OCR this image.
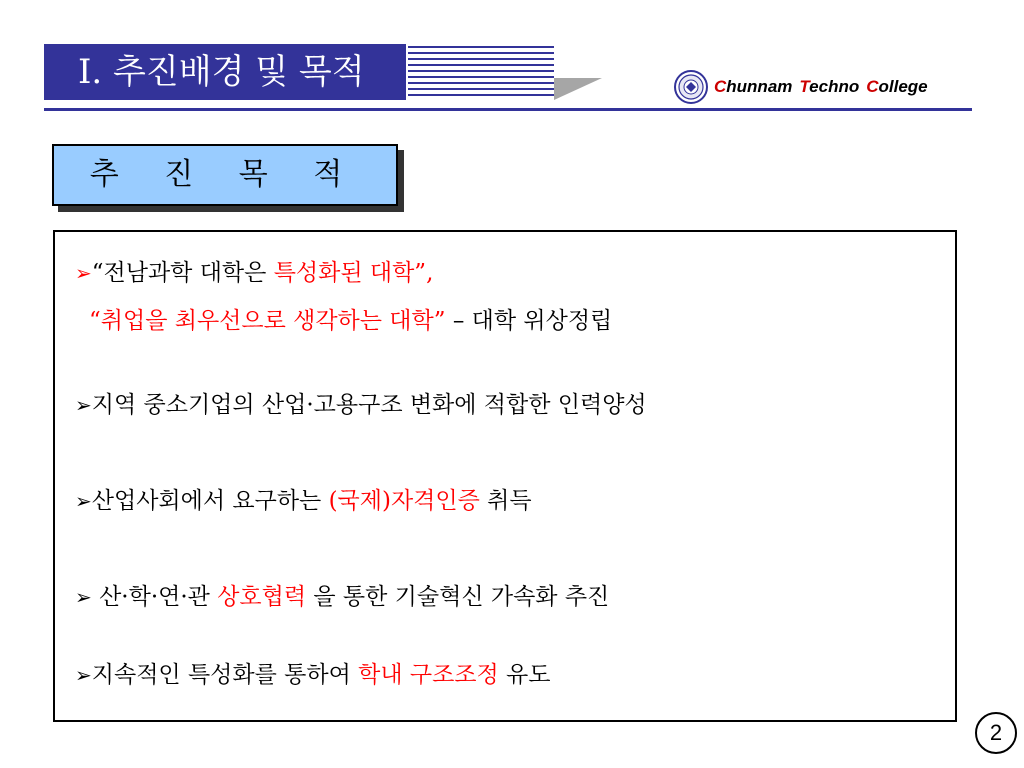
I. 추진배경 및 목적	Chunnam Techno College
추 진 목 적
➢“전남과학 대학은 특성화된 대학”,
“취업을 최우선으로 생각하는 대학” – 대학 위상정립
➢지역 중소기업의 산업·고용구조 변화에 적합한 인력양성
➢산업사회에서 요구하는 (국제)자격인증 취득
➢ 산·학·연·관 상호협력 을 통한 기술혁신 가속화 추진
➢지속적인 특성화를 통하여 학내 구조조정 유도
2
